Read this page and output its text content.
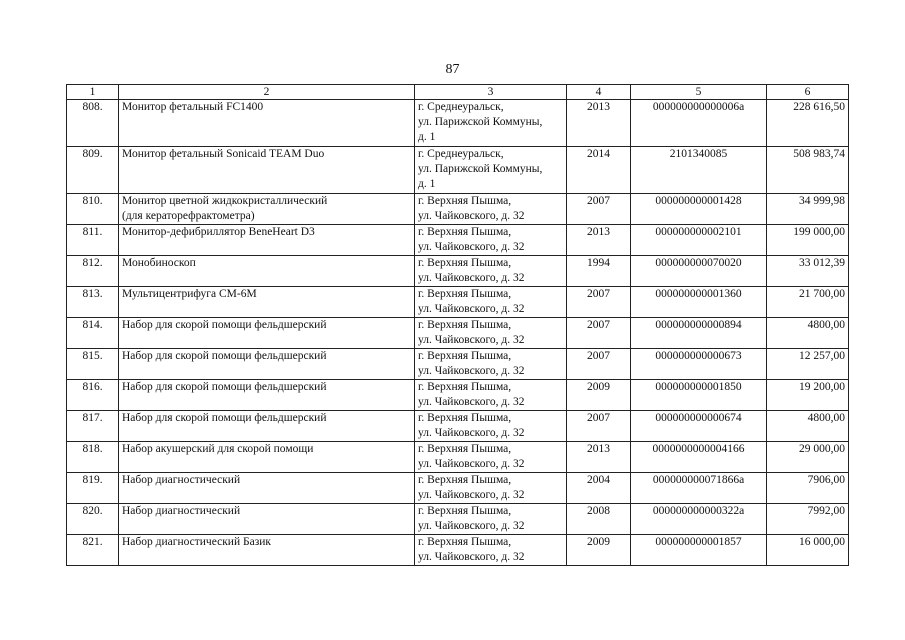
87
1	2	3	4	5	6
808.	Монитор фетальный FC1400	г. Среднеуральск,
ул. Парижской Коммуны,
д. 1	2013	000000000000006а	228 616,50
809.	Монитор фетальный Sonicaid TEAM Duo	г. Среднеуральск,
ул. Парижской Коммуны,
д. 1	2014	2101340085	508 983,74
810.	Монитор цветной жидкокристаллический
(для кераторефрактометра)	г. Верхняя Пышма,
ул. Чайковского, д. 32	2007	000000000001428	34 999,98
811.	Монитор-дефибриллятор BeneHeart D3	г. Верхняя Пышма,
ул. Чайковского, д. 32	2013	000000000002101	199 000,00
812.	Монобиноскоп	г. Верхняя Пышма,
ул. Чайковского, д. 32	1994	000000000070020	33 012,39
813.	Мультицентрифуга СМ-6М	г. Верхняя Пышма,
ул. Чайковского, д. 32	2007	000000000001360	21 700,00
814.	Набор для скорой помощи фельдшерский	г. Верхняя Пышма,
ул. Чайковского, д. 32	2007	000000000000894	4800,00
815.	Набор для скорой помощи фельдшерский	г. Верхняя Пышма,
ул. Чайковского, д. 32	2007	000000000000673	12 257,00
816.	Набор для скорой помощи фельдшерский	г. Верхняя Пышма,
ул. Чайковского, д. 32	2009	000000000001850	19 200,00
817.	Набор для скорой помощи фельдшерский	г. Верхняя Пышма,
ул. Чайковского, д. 32	2007	000000000000674	4800,00
818.	Набор акушерский для скорой помощи	г. Верхняя Пышма,
ул. Чайковского, д. 32	2013	0000000000004166	29 000,00
819.	Набор диагностический	г. Верхняя Пышма,
ул. Чайковского, д. 32	2004	000000000071866а	7906,00
820.	Набор диагностический	г. Верхняя Пышма,
ул. Чайковского, д. 32	2008	000000000000322а	7992,00
821.	Набор диагностический Базик	г. Верхняя Пышма,
ул. Чайковского, д. 32	2009	000000000001857	16 000,00
